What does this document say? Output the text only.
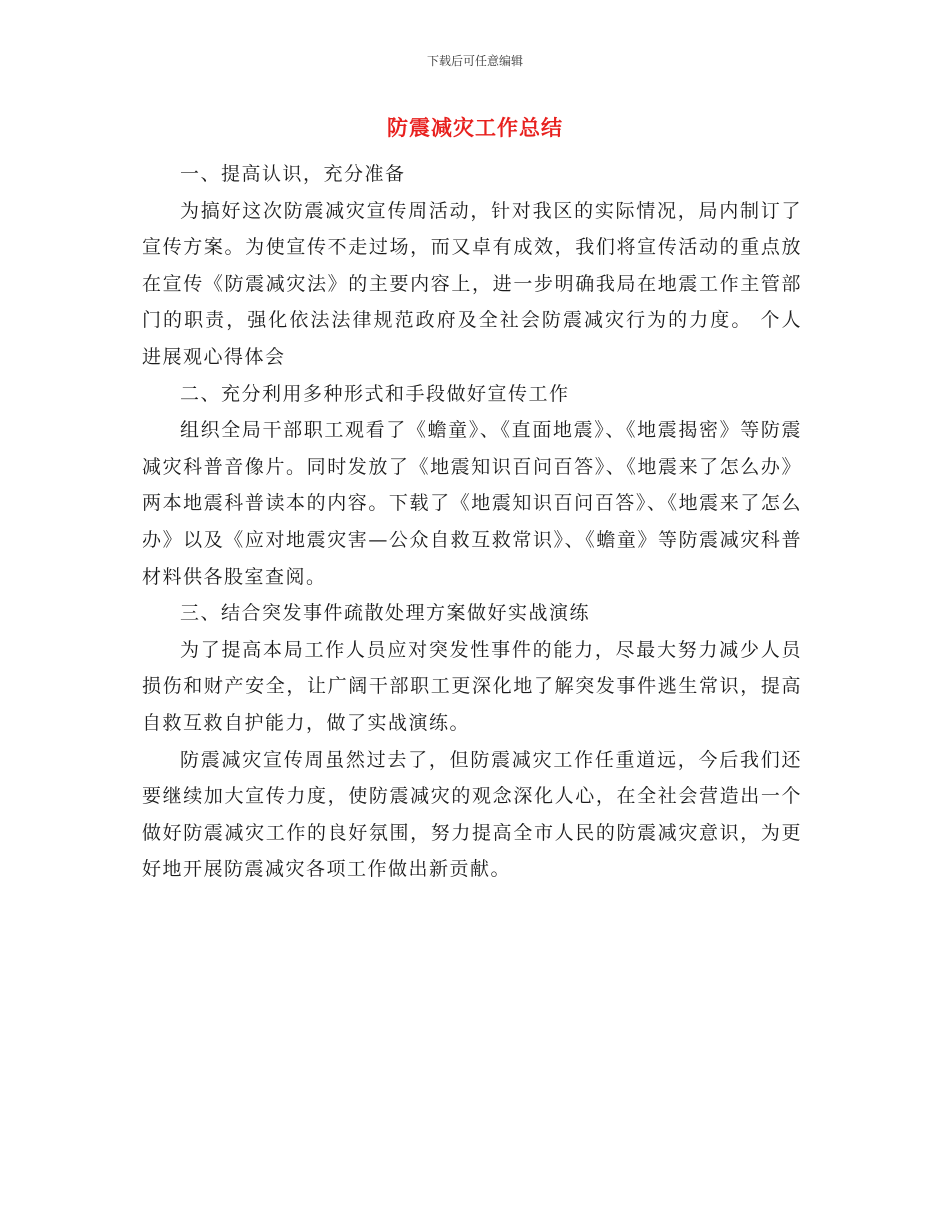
下载后可任意编辑
防震减灾工作总结

一、提高认识，充分准备

为搞好这次防震减灾宣传周活动，针对我区的实际情况，局内制订了宣传方案。为使宣传不走过场，而又卓有成效，我们将宣传活动的重点放在宣传《防震减灾法》的主要内容上，进一步明确我局在地震工作主管部门的职责，强化依法法律规范政府及全社会防震减灾行为的力度。 个人进展观心得体会

二、充分利用多种形式和手段做好宣传工作

组织全局干部职工观看了《蟾童》、《直面地震》、《地震揭密》等防震减灾科普音像片。同时发放了《地震知识百问百答》、《地震来了怎么办》两本地震科普读本的内容。下载了《地震知识百问百答》、《地震来了怎么办》以及《应对地震灾害—公众自救互救常识》、《蟾童》等防震减灾科普材料供各股室查阅。

三、结合突发事件疏散处理方案做好实战演练

为了提高本局工作人员应对突发性事件的能力，尽最大努力减少人员损伤和财产安全，让广阔干部职工更深化地了解突发事件逃生常识，提高自救互救自护能力，做了实战演练。

防震减灾宣传周虽然过去了，但防震减灾工作任重道远，今后我们还要继续加大宣传力度，使防震减灾的观念深化人心，在全社会营造出一个做好防震减灾工作的良好氛围，努力提高全市人民的防震减灾意识，为更好地开展防震减灾各项工作做出新贡献。
